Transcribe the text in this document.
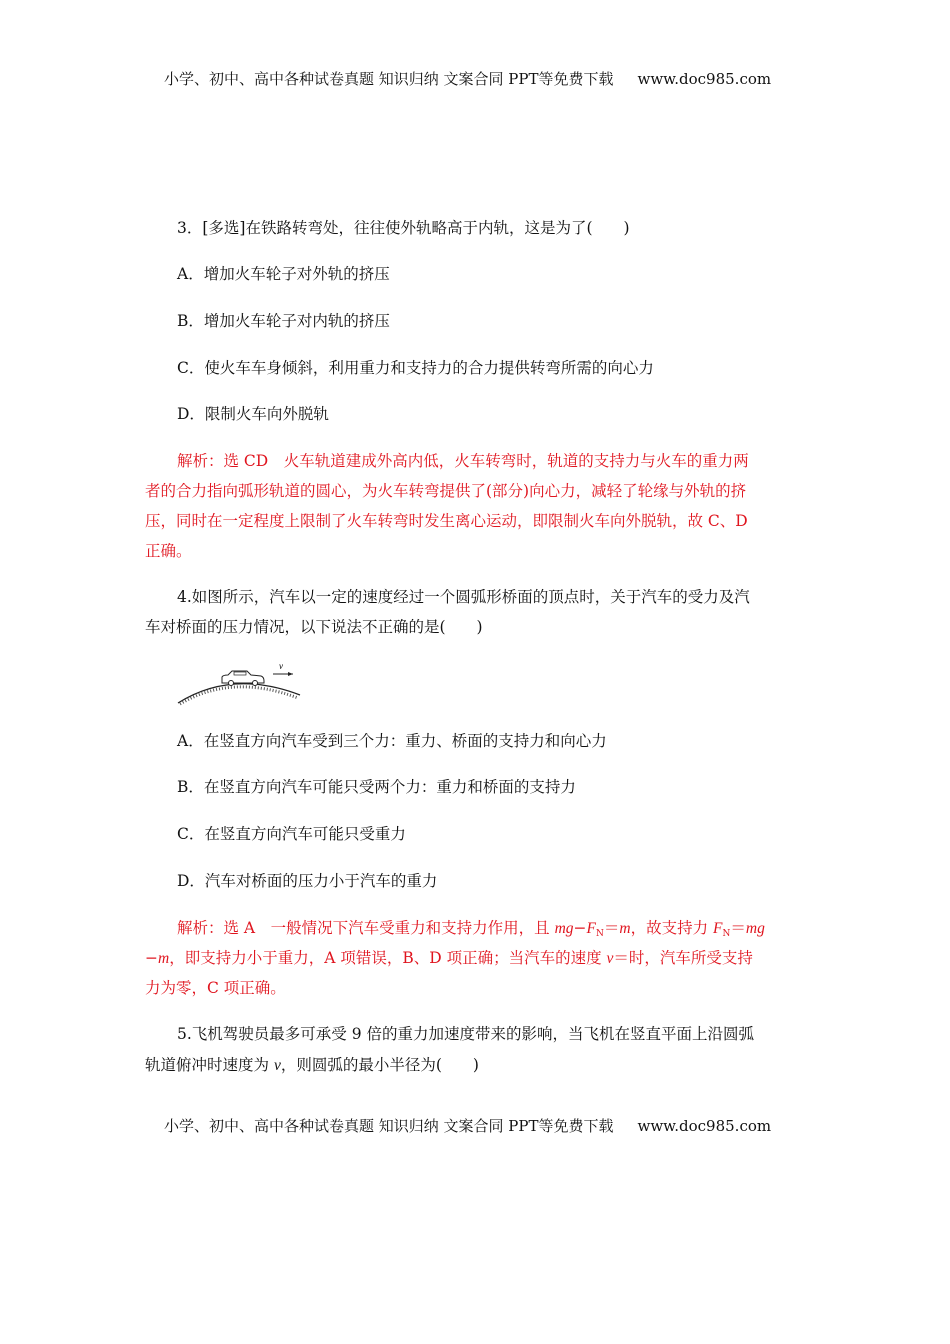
小学、初中、高中各种试卷真题 知识归纳 文案合同 PPT等免费下载 www.doc985.com
3．[多选]在铁路转弯处，往往使外轨略高于内轨，这是为了(　　)
A．增加火车轮子对外轨的挤压
B．增加火车轮子对内轨的挤压
C．使火车车身倾斜，利用重力和支持力的合力提供转弯所需的向心力
D．限制火车向外脱轨
解析：选 CD　火车轨道建成外高内低，火车转弯时，轨道的支持力与火车的重力两
者的合力指向弧形轨道的圆心，为火车转弯提供了(部分)向心力，减轻了轮缘与外轨的挤
压，同时在一定程度上限制了火车转弯时发生离心运动，即限制火车向外脱轨，故 C、D
正确。
4.如图所示，汽车以一定的速度经过一个圆弧形桥面的顶点时，关于汽车的受力及汽
车对桥面的压力情况，以下说法不正确的是(　　)
v
A．在竖直方向汽车受到三个力：重力、桥面的支持力和向心力
B．在竖直方向汽车可能只受两个力：重力和桥面的支持力
C．在竖直方向汽车可能只受重力
D．汽车对桥面的压力小于汽车的重力
解析：选 A　一般情况下汽车受重力和支持力作用，且 $mg-F_N=m$，故支持力 $F_N=mg$
−m，即支持力小于重力，A 项错误，B、D 项正确；当汽车的速度 v＝时，汽车所受支持
力为零，C 项正确。
5.飞机驾驶员最多可承受 9 倍的重力加速度带来的影响，当飞机在竖直平面上沿圆弧
轨道俯冲时速度为 v，则圆弧的最小半径为(　　)
小学、初中、高中各种试卷真题 知识归纳 文案合同 PPT等免费下载 www.doc985.com
